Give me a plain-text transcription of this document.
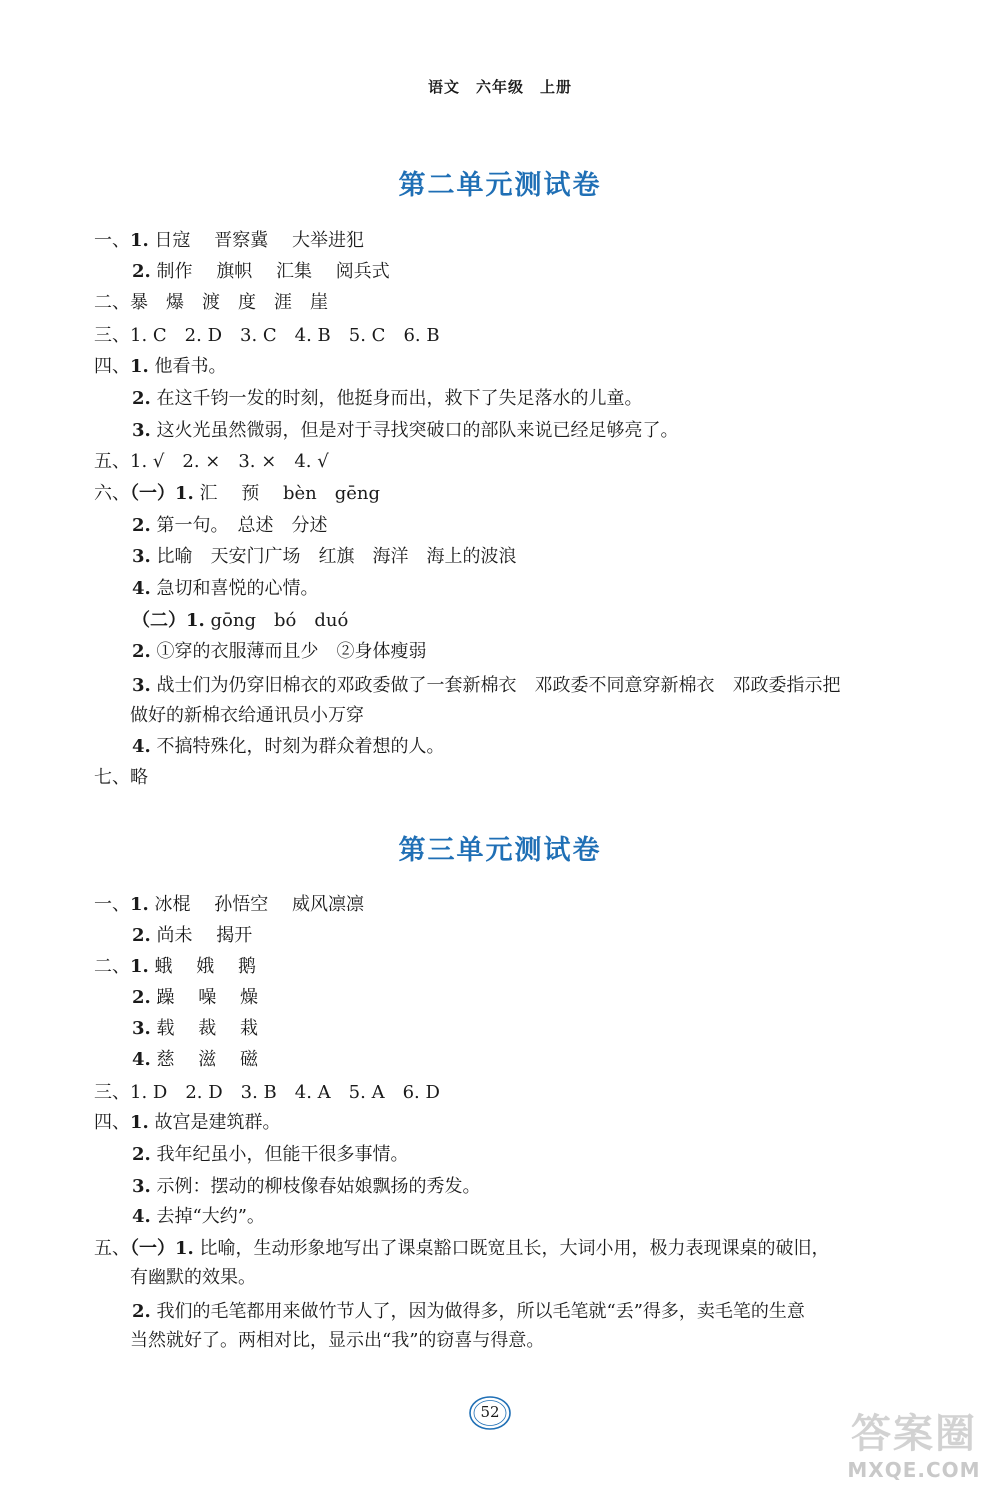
语文　六年级　上册
第二单元测试卷
一、1. 日寇　 晋察冀　 大举进犯
2. 制作　 旗帜　 汇集　 阅兵式
二、暴　爆　渡　度　涯　崖
三、1. C　2. D　3. C　4. B　5. C　6. B
四、1. 他看书。
2. 在这千钧一发的时刻，他挺身而出，救下了失足落水的儿童。
3. 这火光虽然微弱，但是对于寻找突破口的部队来说已经足够亮了。
五、1. √　2. ×　3. ×　4. √
六、（一）1. 汇　 预　 bèn　gēng
2. 第一句。　总述　分述
3. 比喻　天安门广场　红旗　海洋　海上的波浪
4. 急切和喜悦的心情。
（二）1. gōng　bó　duó
2. ①穿的衣服薄而且少　②身体瘦弱
3. 战士们为仍穿旧棉衣的邓政委做了一套新棉衣　邓政委不同意穿新棉衣　邓政委指示把
做好的新棉衣给通讯员小万穿
4. 不搞特殊化，时刻为群众着想的人。
七、略
第三单元测试卷
一、1. 冰棍　 孙悟空　 威风凛凛
2. 尚未　 揭开
二、1. 蛾　 娥　 鹅
2. 躁　 噪　 燥
3. 载　 裁　 栽
4. 慈　 滋　 磁
三、1. D　2. D　3. B　4. A　5. A　6. D
四、1. 故宫是建筑群。
2. 我年纪虽小，但能干很多事情。
3. 示例：摆动的柳枝像春姑娘飘扬的秀发。
4. 去掉“大约”。
五、（一）1. 比喻，生动形象地写出了课桌豁口既宽且长，大词小用，极力表现课桌的破旧，
有幽默的效果。
2. 我们的毛笔都用来做竹节人了，因为做得多，所以毛笔就“丢”得多，卖毛笔的生意
当然就好了。两相对比，显示出“我”的窃喜与得意。
52	答案圈
MXQE.COM
